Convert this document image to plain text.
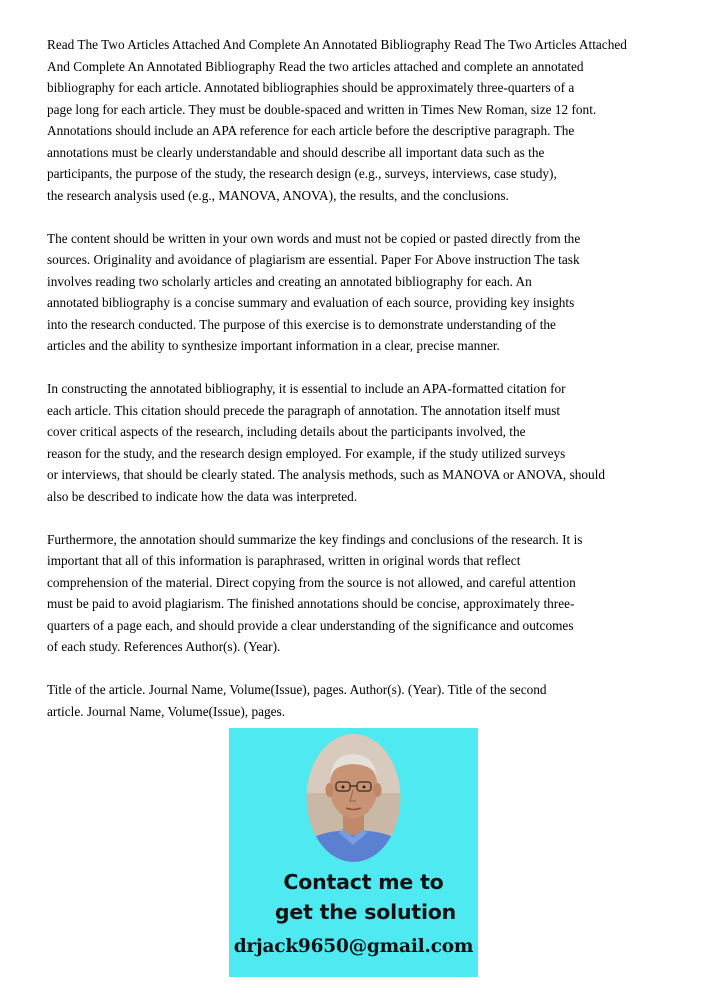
Read The Two Articles Attached And Complete An Annotated Bibliography Read The Two Articles Attached
And Complete An Annotated Bibliography Read the two articles attached and complete an annotated
bibliography for each article. Annotated bibliographies should be approximately three-quarters of a
page long for each article. They must be double-spaced and written in Times New Roman, size 12 font.
Annotations should include an APA reference for each article before the descriptive paragraph. The
annotations must be clearly understandable and should describe all important data such as the
participants, the purpose of the study, the research design (e.g., surveys, interviews, case study),
the research analysis used (e.g., MANOVA, ANOVA), the results, and the conclusions.

The content should be written in your own words and must not be copied or pasted directly from the
sources. Originality and avoidance of plagiarism are essential. Paper For Above instruction The task
involves reading two scholarly articles and creating an annotated bibliography for each. An
annotated bibliography is a concise summary and evaluation of each source, providing key insights
into the research conducted. The purpose of this exercise is to demonstrate understanding of the
articles and the ability to synthesize important information in a clear, precise manner.

In constructing the annotated bibliography, it is essential to include an APA-formatted citation for
each article. This citation should precede the paragraph of annotation. The annotation itself must
cover critical aspects of the research, including details about the participants involved, the
reason for the study, and the research design employed. For example, if the study utilized surveys
or interviews, that should be clearly stated. The analysis methods, such as MANOVA or ANOVA, should
also be described to indicate how the data was interpreted.

Furthermore, the annotation should summarize the key findings and conclusions of the research. It is
important that all of this information is paraphrased, written in original words that reflect
comprehension of the material. Direct copying from the source is not allowed, and careful attention
must be paid to avoid plagiarism. The finished annotations should be concise, approximately three-
quarters of a page each, and should provide a clear understanding of the significance and outcomes
of each study. References Author(s). (Year).

Title of the article. Journal Name, Volume(Issue), pages. Author(s). (Year). Title of the second
article. Journal Name, Volume(Issue), pages.

Contact me to
get the solution
drjack9650@gmail.com
